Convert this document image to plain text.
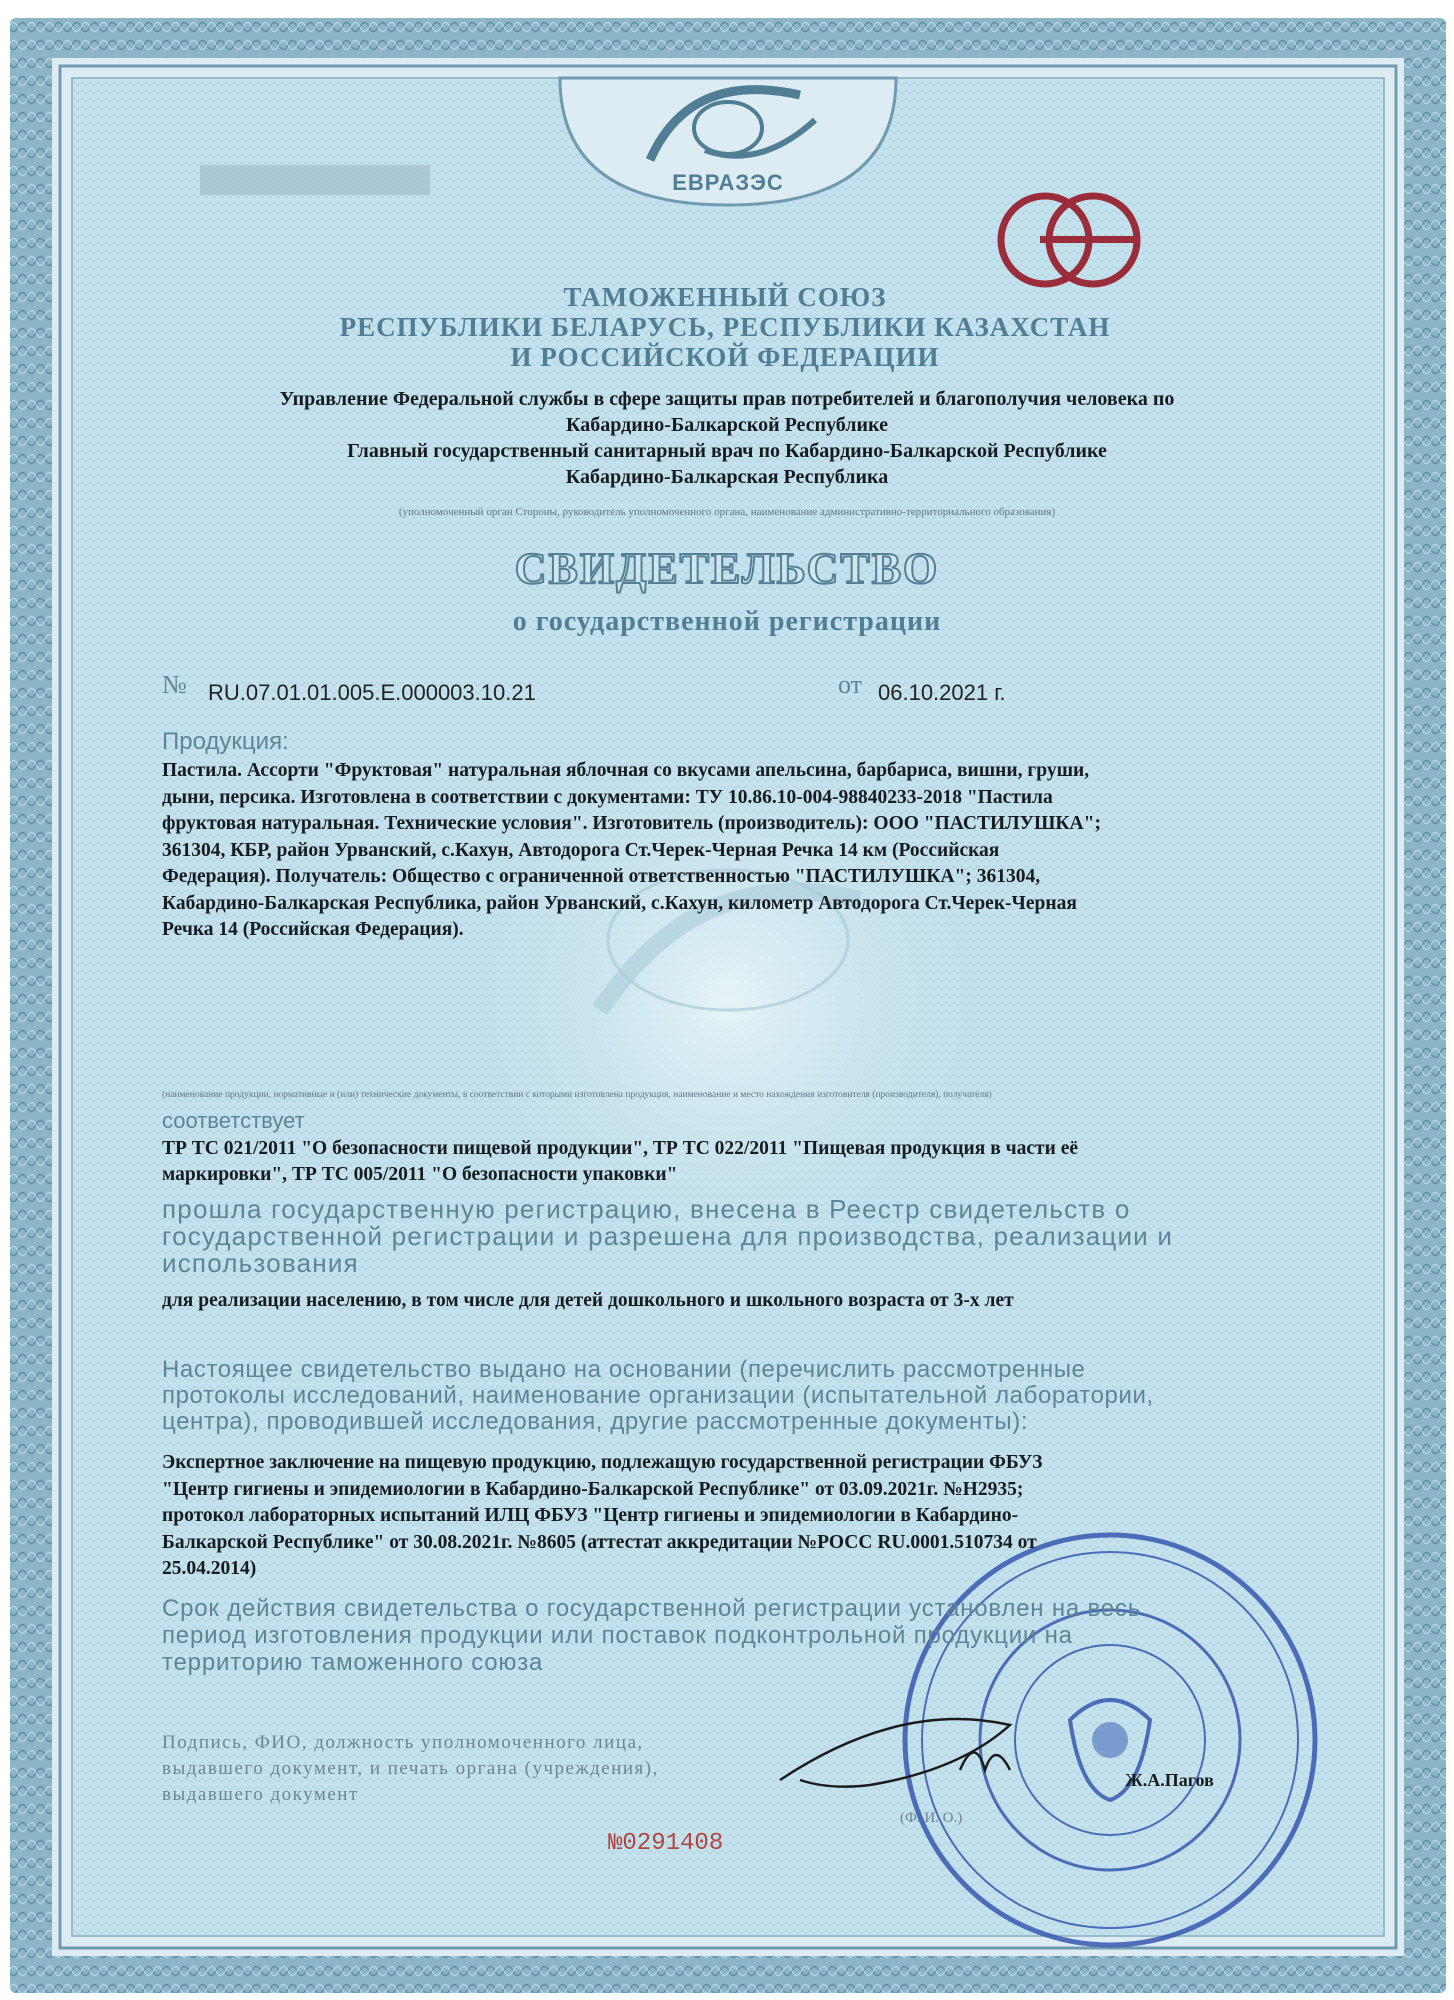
ЕВРАЗЭС
ТАМОЖЕННЫЙ СОЮЗ
РЕСПУБЛИКИ БЕЛАРУСЬ, РЕСПУБЛИКИ КАЗАХСТАН
И РОССИЙСКОЙ ФЕДЕРАЦИИ
Управление Федеральной службы в сфере защиты прав потребителей и благополучия человека по
Кабардино-Балкарской Республике
Главный государственный санитарный врач по Кабардино-Балкарской Республике
Кабардино-Балкарская Республика
(уполномоченный орган Стороны, руководитель уполномоченного органа, наименование административно-территориального образования)
СВИДЕТЕЛЬСТВО
о государственной регистрации
№ RU.07.01.01.005.Е.000003.10.21	от 06.10.2021 г.
Продукция:

Пастила. Ассорти "Фруктовая" натуральная яблочная со вкусами апельсина, барбариса, вишни, груши,

дыни, персика. Изготовлена в соответствии с документами: ТУ 10.86.10-004-98840233-2018 "Пастила

фруктовая натуральная. Технические условия". Изготовитель (производитель): ООО "ПАСТИЛУШКА";

361304, КБР, район Урванский, с.Кахун, Автодорога Ст.Черек-Черная Речка 14 км (Российская

Федерация). Получатель: Общество с ограниченной ответственностью "ПАСТИЛУШКА"; 361304,

Кабардино-Балкарская Республика, район Урванский, с.Кахун, километр Автодорога Ст.Черек-Черная

Речка 14 (Российская Федерация).

(наименование продукции, нормативные и (или) технические документы, в соответствии с которыми изготовлена продукция, наименование и место нахождения изготовителя (производителя), получателя)
соответствует

ТР ТС 021/2011 "О безопасности пищевой продукции", ТР ТС 022/2011 "Пищевая продукция в части её

маркировки", ТР ТС 005/2011 "О безопасности упаковки"

прошла государственную регистрацию, внесена в Реестр свидетельств о

государственной регистрации и разрешена для производства, реализации и

использования

для реализации населению, в том числе для детей дошкольного и школьного возраста от 3-х лет

Настоящее свидетельство выдано на основании (перечислить рассмотренные

протоколы исследований, наименование организации (испытательной лаборатории,

центра), проводившей исследования, другие рассмотренные документы):

Экспертное заключение на пищевую продукцию, подлежащую государственной регистрации ФБУЗ

"Центр гигиены и эпидемиологии в Кабардино-Балкарской Республике" от 03.09.2021г. №Н2935;

протокол лабораторных испытаний ИЛЦ ФБУЗ "Центр гигиены и эпидемиологии в Кабардино-

Балкарской Республике" от 30.08.2021г. №8605 (аттестат аккредитации №РОСС RU.0001.510734 от

25.04.2014)

Срок действия свидетельства о государственной регистрации установлен на весь

период изготовления продукции или поставок подконтрольной продукции на

территорию таможенного союза

Подпись, ФИО, должность уполномоченного лица,

выдавшего документ, и печать органа (учреждения),

выдавшего документ

Ж.А.Пагов
(Ф. И. О.)
№0291408
